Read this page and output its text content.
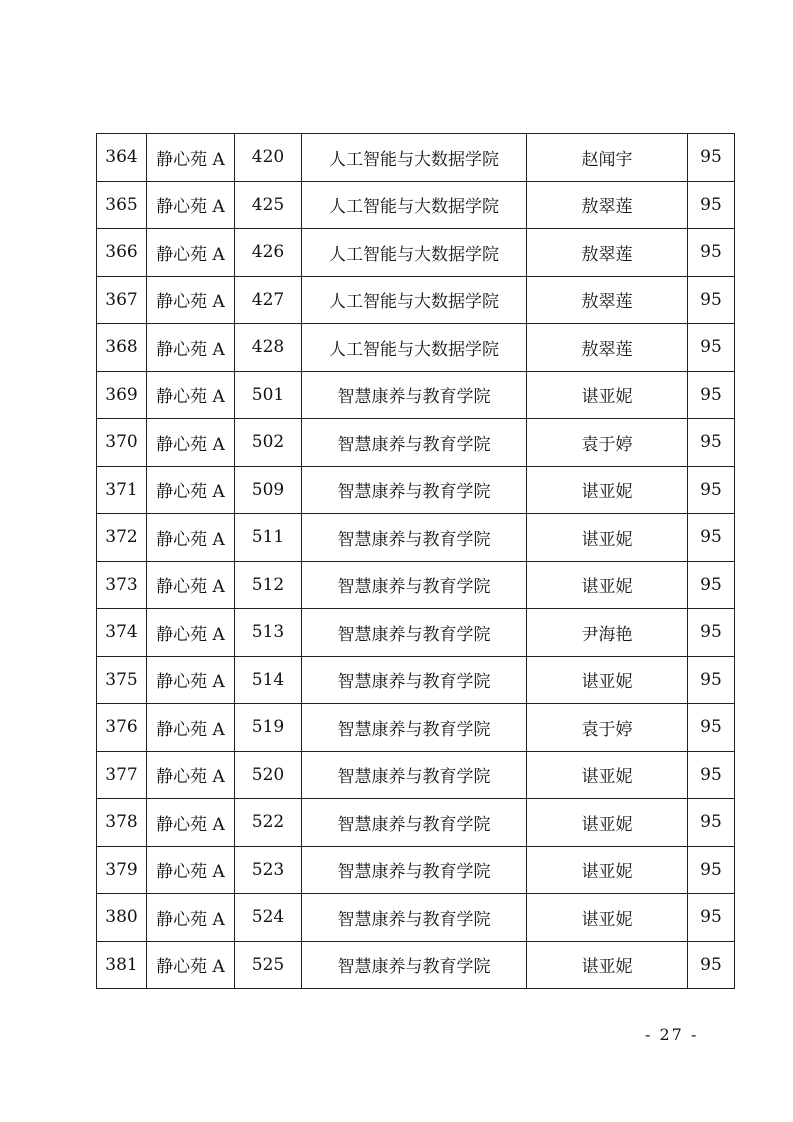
364	静心苑 A	420	人工智能与大数据学院	赵闻宇	95
365	静心苑 A	425	人工智能与大数据学院	敖翠莲	95
366	静心苑 A	426	人工智能与大数据学院	敖翠莲	95
367	静心苑 A	427	人工智能与大数据学院	敖翠莲	95
368	静心苑 A	428	人工智能与大数据学院	敖翠莲	95
369	静心苑 A	501	智慧康养与教育学院	谌亚妮	95
370	静心苑 A	502	智慧康养与教育学院	袁于婷	95
371	静心苑 A	509	智慧康养与教育学院	谌亚妮	95
372	静心苑 A	511	智慧康养与教育学院	谌亚妮	95
373	静心苑 A	512	智慧康养与教育学院	谌亚妮	95
374	静心苑 A	513	智慧康养与教育学院	尹海艳	95
375	静心苑 A	514	智慧康养与教育学院	谌亚妮	95
376	静心苑 A	519	智慧康养与教育学院	袁于婷	95
377	静心苑 A	520	智慧康养与教育学院	谌亚妮	95
378	静心苑 A	522	智慧康养与教育学院	谌亚妮	95
379	静心苑 A	523	智慧康养与教育学院	谌亚妮	95
380	静心苑 A	524	智慧康养与教育学院	谌亚妮	95
381	静心苑 A	525	智慧康养与教育学院	谌亚妮	95
- 27 -
